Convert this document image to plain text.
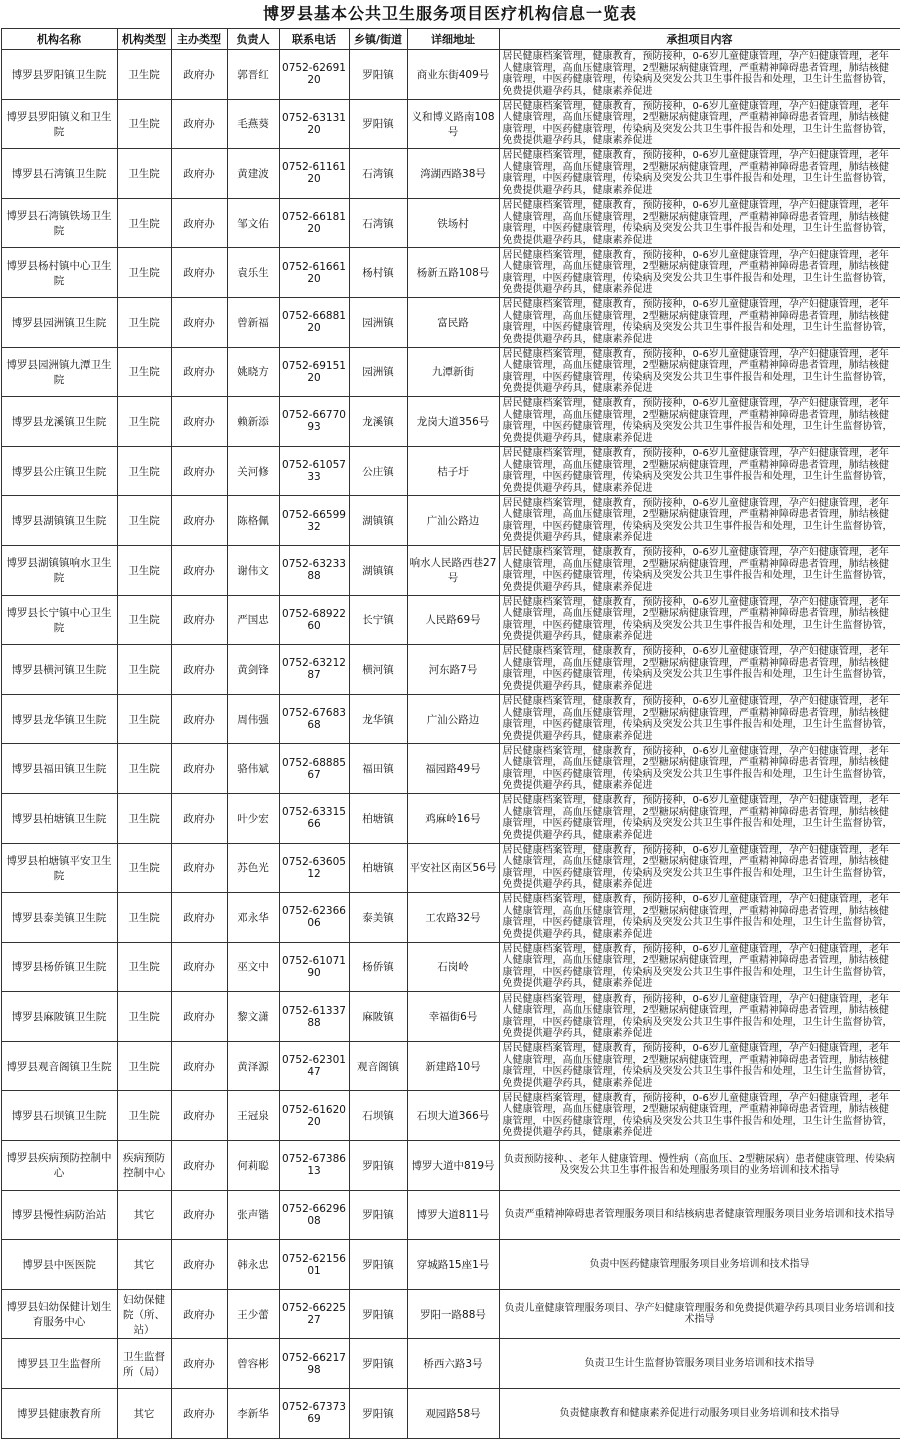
博罗县基本公共卫生服务项目医疗机构信息一览表
机构名称	机构类型	主办类型	负责人	联系电话	乡镇/街道	详细地址	承担项目内容
博罗县罗阳镇卫生院	卫生院	政府办	郭晋红	0752-6269120	罗阳镇	商业东街409号	居民健康档案管理，健康教育，预防接种，0-6岁儿童健康管理，孕产妇健康管理，老年人健康管理，高血压健康管理，2型糖尿病健康管理，严重精神障碍患者管理，肺结核健康管理，中医药健康管理，传染病及突发公共卫生事件报告和处理，卫生计生监督协管，免费提供避孕药具，健康素养促进
博罗县罗阳镇义和卫生院	卫生院	政府办	毛燕葵	0752-6313120	罗阳镇	义和博义路南108号	居民健康档案管理，健康教育，预防接种，0-6岁儿童健康管理，孕产妇健康管理，老年人健康管理，高血压健康管理，2型糖尿病健康管理，严重精神障碍患者管理，肺结核健康管理，中医药健康管理，传染病及突发公共卫生事件报告和处理，卫生计生监督协管，免费提供避孕药具，健康素养促进
博罗县石湾镇卫生院	卫生院	政府办	黄建波	0752-6116120	石湾镇	湾湖西路38号	居民健康档案管理，健康教育，预防接种，0-6岁儿童健康管理，孕产妇健康管理，老年人健康管理，高血压健康管理，2型糖尿病健康管理，严重精神障碍患者管理，肺结核健康管理，中医药健康管理，传染病及突发公共卫生事件报告和处理，卫生计生监督协管，免费提供避孕药具，健康素养促进
博罗县石湾镇铁场卫生院	卫生院	政府办	邹文佑	0752-6618120	石湾镇	铁场村	居民健康档案管理，健康教育，预防接种，0-6岁儿童健康管理，孕产妇健康管理，老年人健康管理，高血压健康管理，2型糖尿病健康管理，严重精神障碍患者管理，肺结核健康管理，中医药健康管理，传染病及突发公共卫生事件报告和处理，卫生计生监督协管，免费提供避孕药具，健康素养促进
博罗县杨村镇中心卫生院	卫生院	政府办	袁乐生	0752-6166120	杨村镇	杨新五路108号	居民健康档案管理，健康教育，预防接种，0-6岁儿童健康管理，孕产妇健康管理，老年人健康管理，高血压健康管理，2型糖尿病健康管理，严重精神障碍患者管理，肺结核健康管理，中医药健康管理，传染病及突发公共卫生事件报告和处理，卫生计生监督协管，免费提供避孕药具，健康素养促进
博罗县园洲镇卫生院	卫生院	政府办	曾新福	0752-6688120	园洲镇	富民路	居民健康档案管理，健康教育，预防接种，0-6岁儿童健康管理，孕产妇健康管理，老年人健康管理，高血压健康管理，2型糖尿病健康管理，严重精神障碍患者管理，肺结核健康管理，中医药健康管理，传染病及突发公共卫生事件报告和处理，卫生计生监督协管，免费提供避孕药具，健康素养促进
博罗县园洲镇九潭卫生院	卫生院	政府办	姚晓方	0752-6915120	园洲镇	九潭新街	居民健康档案管理，健康教育，预防接种，0-6岁儿童健康管理，孕产妇健康管理，老年人健康管理，高血压健康管理，2型糖尿病健康管理，严重精神障碍患者管理，肺结核健康管理，中医药健康管理，传染病及突发公共卫生事件报告和处理，卫生计生监督协管，免费提供避孕药具，健康素养促进
博罗县龙溪镇卫生院	卫生院	政府办	赖新添	0752-6677093	龙溪镇	龙岗大道356号	居民健康档案管理，健康教育，预防接种，0-6岁儿童健康管理，孕产妇健康管理，老年人健康管理，高血压健康管理，2型糖尿病健康管理，严重精神障碍患者管理，肺结核健康管理，中医药健康管理，传染病及突发公共卫生事件报告和处理，卫生计生监督协管，免费提供避孕药具，健康素养促进
博罗县公庄镇卫生院	卫生院	政府办	关河修	0752-6105733	公庄镇	桔子圩	居民健康档案管理，健康教育，预防接种，0-6岁儿童健康管理，孕产妇健康管理，老年人健康管理，高血压健康管理，2型糖尿病健康管理，严重精神障碍患者管理，肺结核健康管理，中医药健康管理，传染病及突发公共卫生事件报告和处理，卫生计生监督协管，免费提供避孕药具，健康素养促进
博罗县湖镇镇卫生院	卫生院	政府办	陈格佩	0752-6659932	湖镇镇	广汕公路边	居民健康档案管理，健康教育，预防接种，0-6岁儿童健康管理，孕产妇健康管理，老年人健康管理，高血压健康管理，2型糖尿病健康管理，严重精神障碍患者管理，肺结核健康管理，中医药健康管理，传染病及突发公共卫生事件报告和处理，卫生计生监督协管，免费提供避孕药具，健康素养促进
博罗县湖镇镇响水卫生院	卫生院	政府办	谢伟文	0752-6323388	湖镇镇	响水人民路西巷27号	居民健康档案管理，健康教育，预防接种，0-6岁儿童健康管理，孕产妇健康管理，老年人健康管理，高血压健康管理，2型糖尿病健康管理，严重精神障碍患者管理，肺结核健康管理，中医药健康管理，传染病及突发公共卫生事件报告和处理，卫生计生监督协管，免费提供避孕药具，健康素养促进
博罗县长宁镇中心卫生院	卫生院	政府办	严国忠	0752-6892260	长宁镇	人民路69号	居民健康档案管理，健康教育，预防接种，0-6岁儿童健康管理，孕产妇健康管理，老年人健康管理，高血压健康管理，2型糖尿病健康管理，严重精神障碍患者管理，肺结核健康管理，中医药健康管理，传染病及突发公共卫生事件报告和处理，卫生计生监督协管，免费提供避孕药具，健康素养促进
博罗县横河镇卫生院	卫生院	政府办	黄剑锋	0752-6321287	横河镇	河东路7号	居民健康档案管理，健康教育，预防接种，0-6岁儿童健康管理，孕产妇健康管理，老年人健康管理，高血压健康管理，2型糖尿病健康管理，严重精神障碍患者管理，肺结核健康管理，中医药健康管理，传染病及突发公共卫生事件报告和处理，卫生计生监督协管，免费提供避孕药具，健康素养促进
博罗县龙华镇卫生院	卫生院	政府办	周伟强	0752-6768368	龙华镇	广汕公路边	居民健康档案管理，健康教育，预防接种，0-6岁儿童健康管理，孕产妇健康管理，老年人健康管理，高血压健康管理，2型糖尿病健康管理，严重精神障碍患者管理，肺结核健康管理，中医药健康管理，传染病及突发公共卫生事件报告和处理，卫生计生监督协管，免费提供避孕药具，健康素养促进
博罗县福田镇卫生院	卫生院	政府办	骆伟斌	0752-6888567	福田镇	福园路49号	居民健康档案管理，健康教育，预防接种，0-6岁儿童健康管理，孕产妇健康管理，老年人健康管理，高血压健康管理，2型糖尿病健康管理，严重精神障碍患者管理，肺结核健康管理，中医药健康管理，传染病及突发公共卫生事件报告和处理，卫生计生监督协管，免费提供避孕药具，健康素养促进
博罗县柏塘镇卫生院	卫生院	政府办	叶少宏	0752-6331566	柏塘镇	鸡麻岭16号	居民健康档案管理，健康教育，预防接种，0-6岁儿童健康管理，孕产妇健康管理，老年人健康管理，高血压健康管理，2型糖尿病健康管理，严重精神障碍患者管理，肺结核健康管理，中医药健康管理，传染病及突发公共卫生事件报告和处理，卫生计生监督协管，免费提供避孕药具，健康素养促进
博罗县柏塘镇平安卫生院	卫生院	政府办	苏色光	0752-6360512	柏塘镇	平安社区南区56号	居民健康档案管理，健康教育，预防接种，0-6岁儿童健康管理，孕产妇健康管理，老年人健康管理，高血压健康管理，2型糖尿病健康管理，严重精神障碍患者管理，肺结核健康管理，中医药健康管理，传染病及突发公共卫生事件报告和处理，卫生计生监督协管，免费提供避孕药具，健康素养促进
博罗县泰美镇卫生院	卫生院	政府办	邓永华	0752-6236606	泰美镇	工农路32号	居民健康档案管理，健康教育，预防接种，0-6岁儿童健康管理，孕产妇健康管理，老年人健康管理，高血压健康管理，2型糖尿病健康管理，严重精神障碍患者管理，肺结核健康管理，中医药健康管理，传染病及突发公共卫生事件报告和处理，卫生计生监督协管，免费提供避孕药具，健康素养促进
博罗县杨侨镇卫生院	卫生院	政府办	巫文中	0752-6107190	杨侨镇	石岗岭	居民健康档案管理，健康教育，预防接种，0-6岁儿童健康管理，孕产妇健康管理，老年人健康管理，高血压健康管理，2型糖尿病健康管理，严重精神障碍患者管理，肺结核健康管理，中医药健康管理，传染病及突发公共卫生事件报告和处理，卫生计生监督协管，免费提供避孕药具，健康素养促进
博罗县麻陂镇卫生院	卫生院	政府办	黎文潇	0752-6133788	麻陂镇	幸福街6号	居民健康档案管理，健康教育，预防接种，0-6岁儿童健康管理，孕产妇健康管理，老年人健康管理，高血压健康管理，2型糖尿病健康管理，严重精神障碍患者管理，肺结核健康管理，中医药健康管理，传染病及突发公共卫生事件报告和处理，卫生计生监督协管，免费提供避孕药具，健康素养促进
博罗县观音阁镇卫生院	卫生院	政府办	黄泽源	0752-6230147	观音阁镇	新建路10号	居民健康档案管理，健康教育，预防接种，0-6岁儿童健康管理，孕产妇健康管理，老年人健康管理，高血压健康管理，2型糖尿病健康管理，严重精神障碍患者管理，肺结核健康管理，中医药健康管理，传染病及突发公共卫生事件报告和处理，卫生计生监督协管，免费提供避孕药具，健康素养促进
博罗县石坝镇卫生院	卫生院	政府办	王冠泉	0752-6162020	石坝镇	石坝大道366号	居民健康档案管理，健康教育，预防接种，0-6岁儿童健康管理，孕产妇健康管理，老年人健康管理，高血压健康管理，2型糖尿病健康管理，严重精神障碍患者管理，肺结核健康管理，中医药健康管理，传染病及突发公共卫生事件报告和处理，卫生计生监督协管，免费提供避孕药具，健康素养促进
博罗县疾病预防控制中心	疾病预防控制中心	政府办	何莉聪	0752-6738613	罗阳镇	博罗大道中819号	负责预防接种、、老年人健康管理、慢性病（高血压、2型糖尿病）患者健康管理、传染病及突发公共卫生事件报告和处理服务项目的业务培训和技术指导
博罗县慢性病防治站	其它	政府办	张声锴	0752-6629608	罗阳镇	博罗大道811号	负责严重精神障碍患者管理服务项目和结核病患者健康管理服务项目业务培训和技术指导
博罗县中医医院	其它	政府办	韩永忠	0752-6215601	罗阳镇	穿城路15座1号	负责中医药健康管理服务项目业务培训和技术指导
博罗县妇幼保健计划生育服务中心	妇幼保健院（所、站）	政府办	王少蕾	0752-6622527	罗阳镇	罗阳一路88号	负责儿童健康管理服务项目、孕产妇健康管理服务和免费提供避孕药具项目业务培训和技术指导
博罗县卫生监督所	卫生监督所（局）	政府办	曾容彬	0752-6621798	罗阳镇	桥西六路3号	负责卫生计生监督协管服务项目业务培训和技术指导
博罗县健康教育所	其它	政府办	李新华	0752-6737369	罗阳镇	观园路58号	负责健康教育和健康素养促进行动服务项目业务培训和技术指导
